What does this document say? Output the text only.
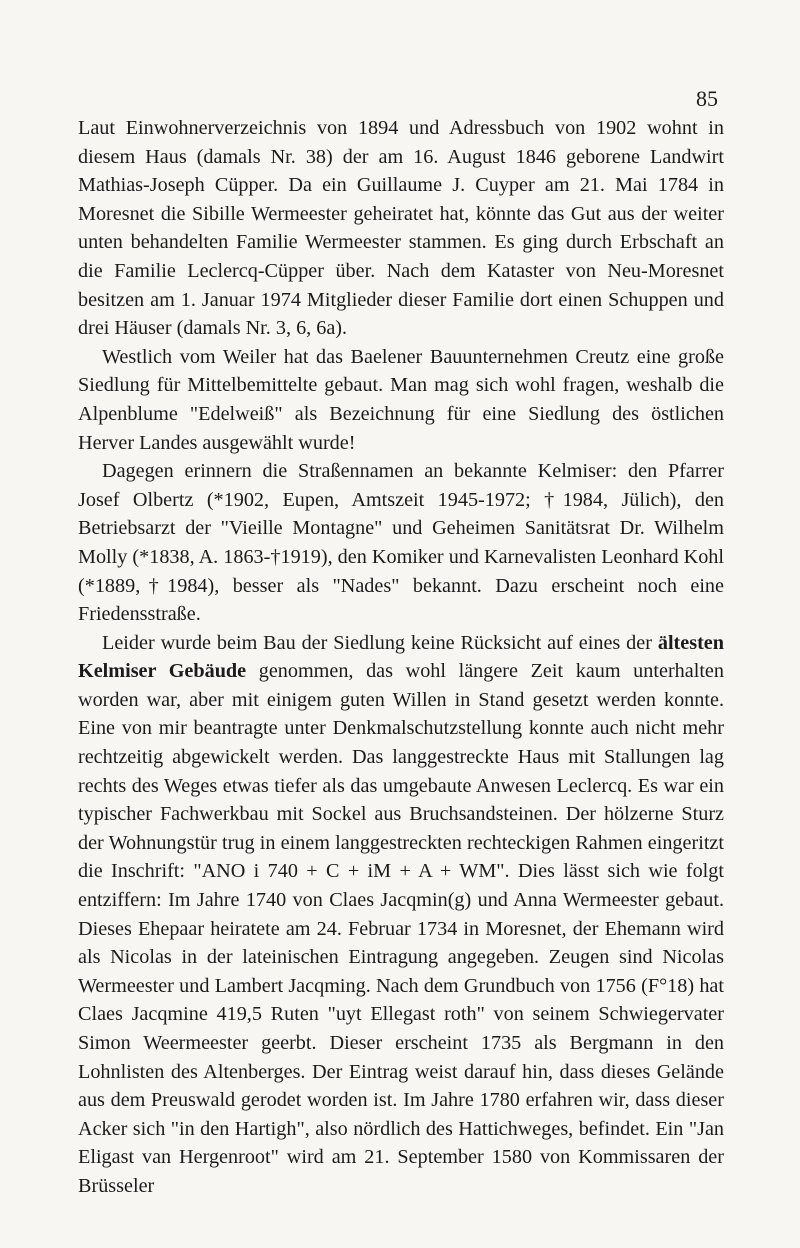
85

Laut Einwohnerverzeichnis von 1894 und Adressbuch von 1902 wohnt in diesem Haus (damals Nr. 38) der am 16. August 1846 geborene Landwirt Mathias-Joseph Cüpper. Da ein Guillaume J. Cuyper am 21. Mai 1784 in Moresnet die Sibille Wermeester geheiratet hat, könnte das Gut aus der weiter unten behandelten Familie Wermeester stammen. Es ging durch Erbschaft an die Familie Leclercq-Cüpper über. Nach dem Kataster von Neu-Moresnet besitzen am 1. Januar 1974 Mitglieder dieser Familie dort einen Schuppen und drei Häuser (damals Nr. 3, 6, 6a).

Westlich vom Weiler hat das Baelener Bauunternehmen Creutz eine große Siedlung für Mittelbemittelte gebaut. Man mag sich wohl fragen, weshalb die Alpenblume "Edelweiß" als Bezeichnung für eine Siedlung des östlichen Herver Landes ausgewählt wurde!

Dagegen erinnern die Straßennamen an bekannte Kelmiser: den Pfarrer Josef Olbertz (*1902, Eupen, Amtszeit 1945-1972; †1984, Jülich), den Betriebsarzt der "Vieille Montagne" und Geheimen Sanitätsrat Dr. Wilhelm Molly (*1838, A. 1863-†1919), den Komiker und Karnevalisten Leonhard Kohl (*1889,†1984), besser als "Nades" bekannt. Dazu erscheint noch eine Friedensstraße.

Leider wurde beim Bau der Siedlung keine Rücksicht auf eines der ältesten Kelmiser Gebäude genommen, das wohl längere Zeit kaum unterhalten worden war, aber mit einigem guten Willen in Stand gesetzt werden konnte. Eine von mir beantragte unter Denkmalschutzstellung konnte auch nicht mehr rechtzeitig abgewickelt werden. Das langgestreckte Haus mit Stallungen lag rechts des Weges etwas tiefer als das umgebaute Anwesen Leclercq. Es war ein typischer Fachwerkbau mit Sockel aus Bruchsandsteinen. Der hölzerne Sturz der Wohnungstür trug in einem langgestreckten rechteckigen Rahmen eingeritzt die Inschrift: "ANO i 740 + C + iM + A + WM". Dies lässt sich wie folgt entziffern: Im Jahre 1740 von Claes Jacqmin(g) und Anna Wermeester gebaut. Dieses Ehepaar heiratete am 24. Februar 1734 in Moresnet, der Ehemann wird als Nicolas in der lateinischen Eintragung angegeben. Zeugen sind Nicolas Wermeester und Lambert Jacqming. Nach dem Grundbuch von 1756 (F°18) hat Claes Jacqmine 419,5 Ruten "uyt Ellegast roth" von seinem Schwiegervater Simon Weermeester geerbt. Dieser erscheint 1735 als Bergmann in den Lohnlisten des Altenberges. Der Eintrag weist darauf hin, dass dieses Gelände aus dem Preuswald gerodet worden ist. Im Jahre 1780 erfahren wir, dass dieser Acker sich "in den Hartigh", also nördlich des Hattichweges, befindet. Ein "Jan Eligast van Hergenroot" wird am 21. September 1580 von Kommissaren der Brüsseler
